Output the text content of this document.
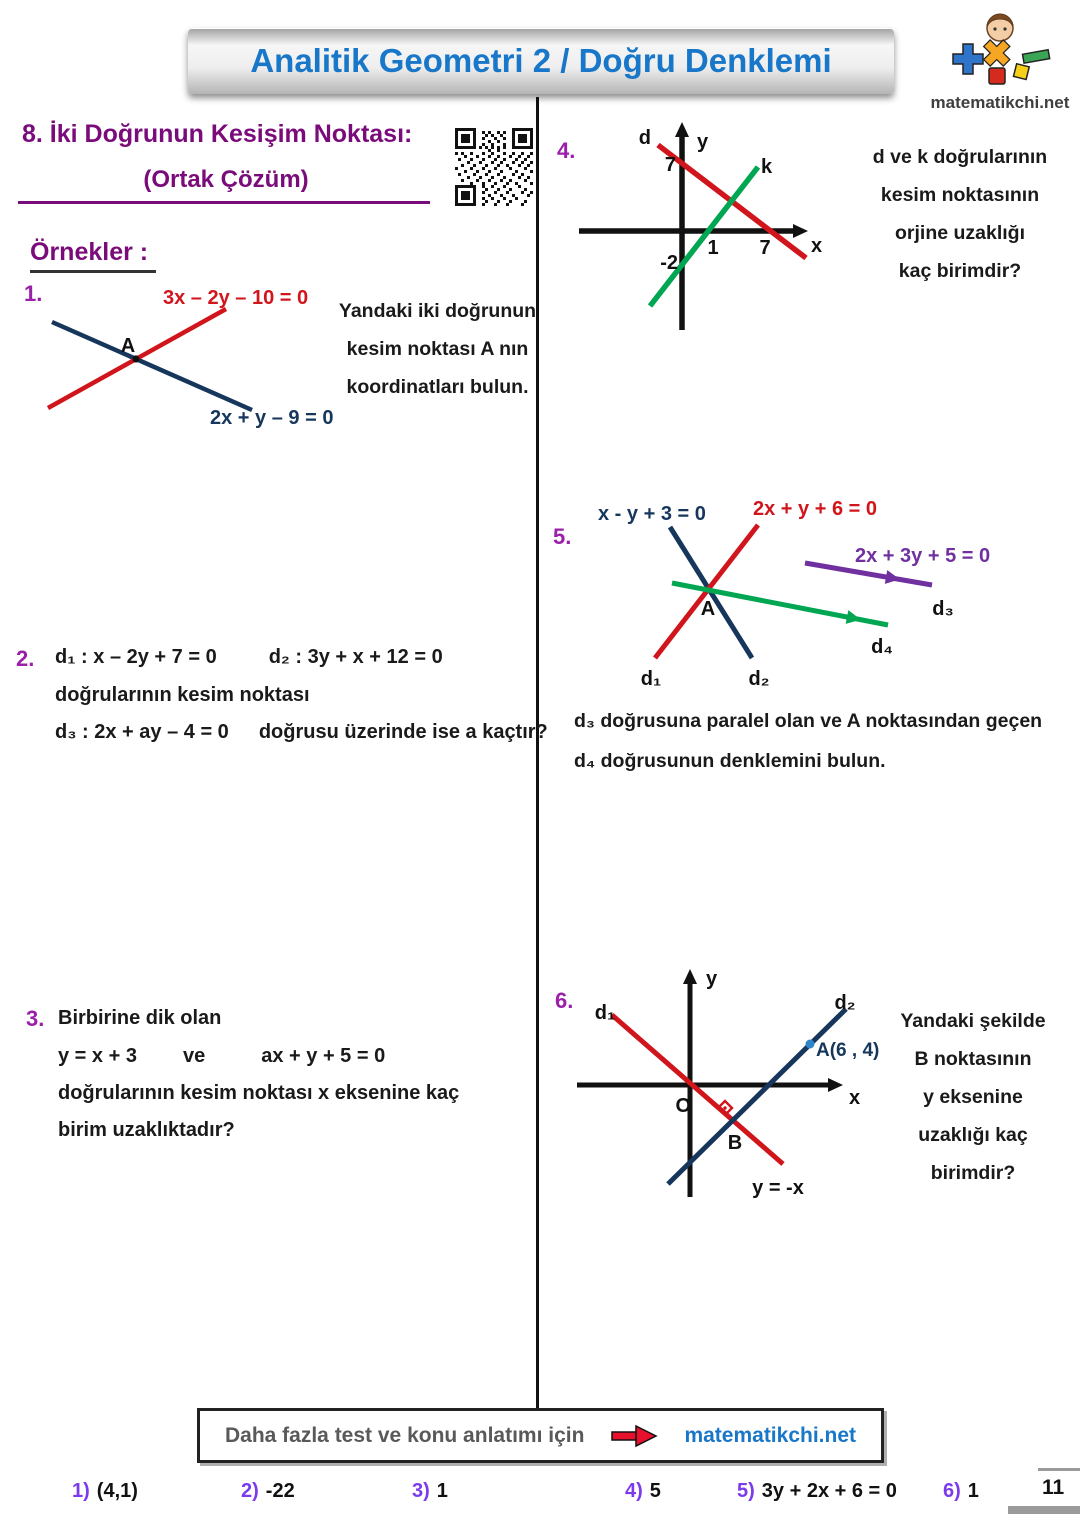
Analitik Geometri 2 / Doğru Denklemi
matematikchi.net
8. İki Doğrunun Kesişim Noktası:
(Ortak Çözüm)
Örnekler :
1.	3x – 2y – 10 = 0
2x + y – 9 = 0
A
Yandaki iki doğrunun
kesim noktası A nın
koordinatları bulun.
2. d₁ : x – 2y + 7 = 0	d₂ : 3y + x + 12 = 0
doğrularının kesim noktası
d₃ : 2x + ay – 4 = 0 doğrusu üzerinde ise a kaçtır?
3. Birbirine dik olan
y = x + 3 ve	ax + y + 5 = 0
doğrularının kesim noktası x eksenine kaç
birim uzaklıktadır?
4.	y
x
7
-2
1 7
d
k	d ve k doğrularının
kesim noktasının
orjine uzaklığı
kaç birimdir?
5.
x - y + 3 = 0 2x + y + 6 = 0
2x + 3y + 5 = 0
A
d₁	d₂
d₃
d₄
d₃ doğrusuna paralel olan ve A noktasından geçen
d₄ doğrusunun denklemini bulun.
6.
y
x
O
B
d₁	d₂
y = -x
A(6 , 4)
Yandaki şekilde
B noktasının
y eksenine
uzaklığı kaç
birimdir?
Daha fazla test ve konu anlatımı için	matematikchi.net
1) (4,1)	2) -22	3) 1	4) 5	5) 3y + 2x + 6 = 0 6) 1	11
